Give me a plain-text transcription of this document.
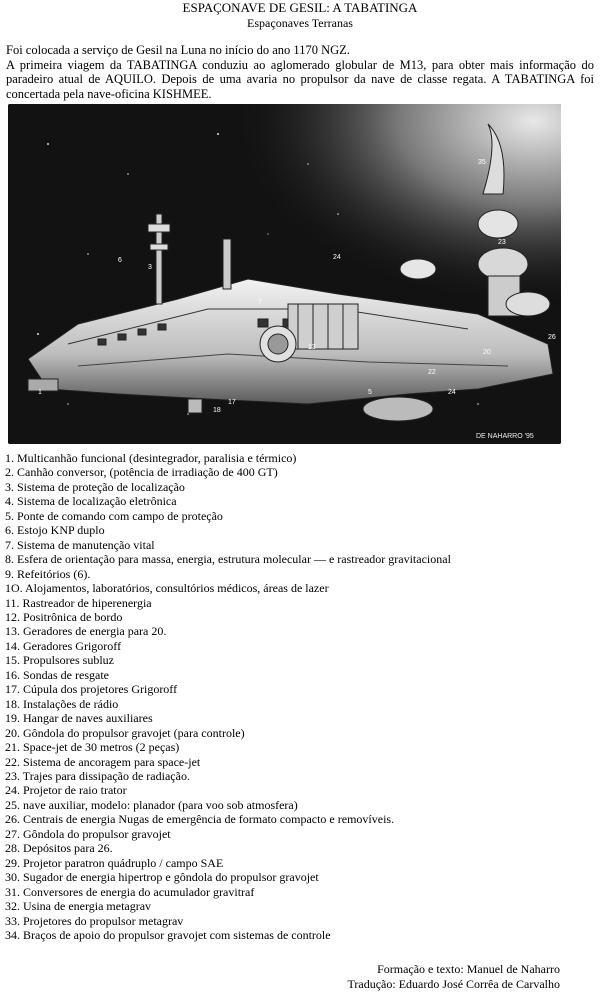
ESPAÇONAVE DE GESIL: A TABATINGA
Espaçonaves Terranas

Foi colocada a serviço de Gesil na Luna no início do ano 1170 NGZ.

A primeira viagem da TABATINGA conduziu ao aglomerado globular de M13, para obter mais informação do paradeiro atual de AQUILO. Depois de uma avaria no propulsor da nave de classe regata. A TABATINGA foi concertada pela nave-oficina KISHMEE.

1
6
3
17
18
7
24
13
22
35
23
20
26
24
5
DE NAHARRO '95
1. Multicanhão funcional (desintegrador, paralisia e térmico)
2. Canhão conversor, (potência de irradiação de 400 GT)
3. Sistema de proteção de localização
4. Sistema de localização eletrônica
5. Ponte de comando com campo de proteção
6. Estojo KNP duplo
7. Sistema de manutenção vital
8. Esfera de orientação para massa, energia, estrutura molecular — e rastreador gravitacional
9. Refeitórios (6).
1O. Alojamentos, laboratórios, consultórios médicos, áreas de lazer
11. Rastreador de hiperenergia
12. Positrônica de bordo
13. Geradores de energia para 20.
14. Geradores Grigoroff
15. Propulsores subluz
16. Sondas de resgate
17. Cúpula dos projetores Grigoroff
18. Instalações de rádio
19. Hangar de naves auxiliares
20. Gôndola do propulsor gravojet (para controle)
21. Space-jet de 30 metros (2 peças)
22. Sistema de ancoragem para space-jet
23. Trajes para dissipação de radiação.
24. Projetor de raio trator
25. nave auxiliar, modelo: planador (para voo sob atmosfera)
26. Centrais de energia Nugas de emergência de formato compacto e removíveis.
27. Gôndola do propulsor gravojet
28. Depósitos para 26.
29. Projetor paratron quádruplo / campo SAE
30. Sugador de energia hipertrop e gôndola do propulsor gravojet
31. Conversores de energia do acumulador gravitraf
32. Usina de energia metagrav
33. Projetores do propulsor metagrav
34. Braços de apoio do propulsor gravojet com sistemas de controle
Formação e texto: Manuel de Naharro
Tradução: Eduardo José Corrêa de Carvalho
